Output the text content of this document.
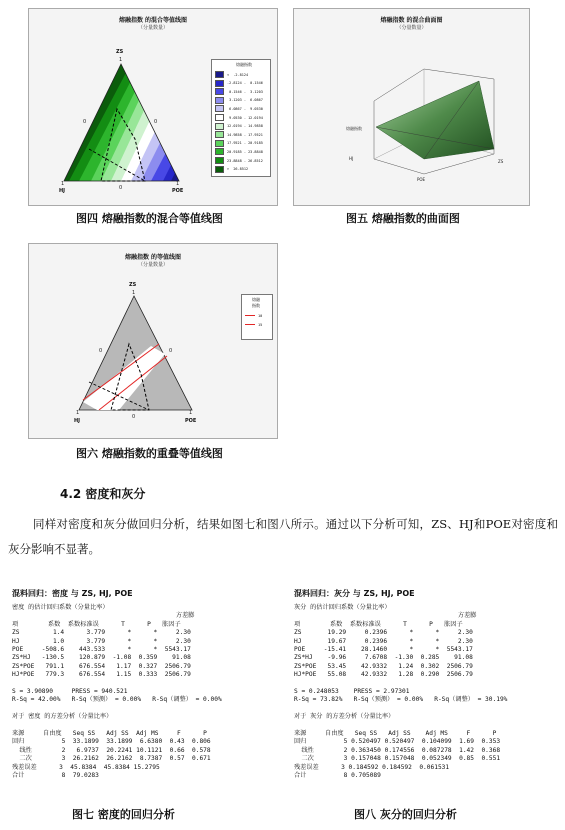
熔融指数 的混合等值线图
（分量数量）
ZS
1
0	0
0
1	1
HJ	POE
熔融指数
<  -2.8124
-2.8124 -  0.1546
0.1546 -  3.1203
3.1203 -  6.0867
6.0867 -  9.0530
9.0530 - 12.0194
12.0194 - 14.9858
14.9858 - 17.9521
17.9521 - 20.9185
20.9185 - 23.8848
23.8848 - 26.8512
>  26.8512
图四 熔融指数的混合等值线图
熔融指数 的混合曲面图
（分量数量）
熔融指数
HJ
POE
ZS
图五 熔融指数的曲面图
熔融指数 的等值线图
（分量数量）
ZS
1
0	0
0
1	1
HJ	POE
熔融
指数
10
15
图六 熔融指数的重叠等值线图
4.2 密度和灰分
同样对密度和灰分做回归分析，结果如图七和图八所示。通过以下分析可知，ZS、HJ和POE对密度和灰分影响不显著。
混料回归：密度 与 ZS, HJ, POE
密度 的估计回归系数（分量比率）
方差膨
项        系数  系数标准误      T      P   胀因子
ZS         1.4      3.779      *      *     2.30
HJ         1.0      3.779      *      *     2.30
POE     -508.6    443.533      *      *  5543.17
ZS*HJ   -130.5    120.879  -1.08  0.359    91.08
ZS*POE   791.1    676.554   1.17  0.327  2506.79
HJ*POE   779.3    676.554   1.15  0.333  2506.79
S = 3.90890     PRESS = 940.521
R-Sq = 42.00%   R-Sq（预测） = 0.00%   R-Sq（调整） = 0.00%
对于 密度 的方差分析（分量比率）
来源     自由度   Seq SS   Adj SS  Adj MS     F      P
回归          5  33.1899  33.1899  6.6380  0.43  0.806
线性        2   6.9737  20.2241 10.1121  0.66  0.578
二次        3  26.2162  26.2162  8.7387  0.57  0.671
残差误差      3  45.8384  45.8384 15.2795
合计          8  79.0283
图七 密度的回归分析
混料回归：灰分 与 ZS, HJ, POE
灰分 的估计回归系数（分量比率）
方差膨
项        系数  系数标准误      T      P   胀因子
ZS       19.29     0.2396      *      *     2.30
HJ       19.67     0.2396      *      *     2.30
POE     -15.41    28.1460      *      *  5543.17
ZS*HJ    -9.96     7.6708  -1.30  0.285    91.08
ZS*POE   53.45    42.9332   1.24  0.302  2506.79
HJ*POE   55.08    42.9332   1.28  0.290  2506.79
S = 0.248053    PRESS = 2.97301
R-Sq = 73.82%   R-Sq（预测） = 0.00%   R-Sq（调整） = 30.19%
对于 灰分 的方差分析（分量比率）
来源     自由度   Seq SS   Adj SS    Adj MS     F      P
回归          5 0.520497 0.520497  0.104099  1.69  0.353
线性        2 0.363450 0.174556  0.087278  1.42  0.368
二次        3 0.157048 0.157048  0.052349  0.85  0.551
残差误差      3 0.184592 0.184592  0.061531
合计          8 0.705089
图八 灰分的回归分析
